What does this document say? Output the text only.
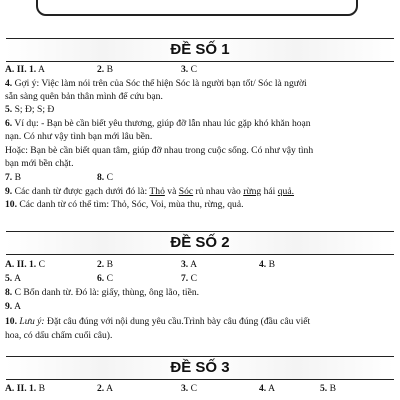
ĐỀ SỐ 1
A. II. 1. A	2. B	3. C
4. Gợi ý: Việc làm nói trên của Sóc thể hiện Sóc là người bạn tốt/ Sóc là người
sẵn sàng quên bản thân mình để cứu bạn.
5. S; Đ; S; Đ
6. Ví dụ: - Bạn bè cần biết yêu thương, giúp đỡ lẫn nhau lúc gặp khó khăn hoạn
nạn. Có như vậy tình bạn mới lâu bền.
Hoặc: Bạn bè cần biết quan tâm, giúp đỡ nhau trong cuộc sống. Có như vậy tình
bạn mới bền chặt.
7. B	8. C
9. Các danh từ được gạch dưới đó là: Thỏ và Sóc rủ nhau vào rừng hái quả.
10. Các danh từ có thể tìm: Thỏ, Sóc, Voi, mùa thu, rừng, quả.
ĐỀ SỐ 2
A. II. 1. C	2. B	3. A	4. B
5. A	6. C	7. C
8. C Bốn danh từ. Đó là: giấy, thùng, ông lão, tiền.
9. A
10. Lưu ý: Đặt câu đúng với nội dung yêu cầu.Trình bày câu đúng (đầu câu viết
hoa, có dấu chấm cuối câu).
ĐỀ SỐ 3
A. II. 1. B	2. A	3. C	4. A	5. B
